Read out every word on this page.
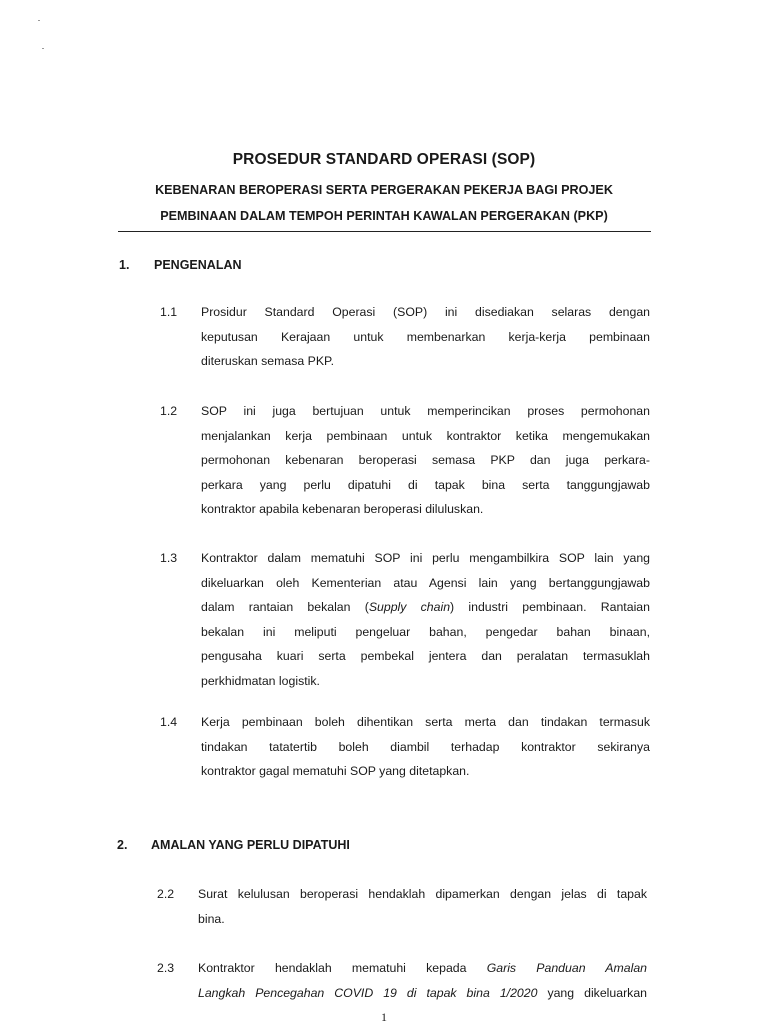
PROSEDUR STANDARD OPERASI (SOP)
KEBENARAN BEROPERASI SERTA PERGERAKAN PEKERJA BAGI PROJEK
PEMBINAAN DALAM TEMPOH PERINTAH KAWALAN PERGERAKAN (PKP)
1. PENGENALAN
1.1 Prosidur Standard Operasi (SOP) ini disediakan selaras dengan
keputusan Kerajaan untuk membenarkan kerja-kerja pembinaan
diteruskan semasa PKP.
1.2 SOP ini juga bertujuan untuk memperincikan proses permohonan
menjalankan kerja pembinaan untuk kontraktor ketika mengemukakan
permohonan kebenaran beroperasi semasa PKP dan juga perkara-
perkara yang perlu dipatuhi di tapak bina serta tanggungjawab
kontraktor apabila kebenaran beroperasi diluluskan.
1.3 Kontraktor dalam mematuhi SOP ini perlu mengambilkira SOP lain yang
dikeluarkan oleh Kementerian atau Agensi lain yang bertanggungjawab
dalam rantaian bekalan (Supply chain) industri pembinaan. Rantaian
bekalan ini meliputi pengeluar bahan, pengedar bahan binaan,
pengusaha kuari serta pembekal jentera dan peralatan termasuklah
perkhidmatan logistik.
1.4 Kerja pembinaan boleh dihentikan serta merta dan tindakan termasuk
tindakan tatatertib boleh diambil terhadap kontraktor sekiranya
kontraktor gagal mematuhi SOP yang ditetapkan.
2. AMALAN YANG PERLU DIPATUHI
2.2 Surat kelulusan beroperasi hendaklah dipamerkan dengan jelas di tapak
bina.
2.3 Kontraktor hendaklah mematuhi kepada Garis Panduan Amalan
Langkah Pencegahan COVID 19 di tapak bina 1/2020 yang dikeluarkan
1
